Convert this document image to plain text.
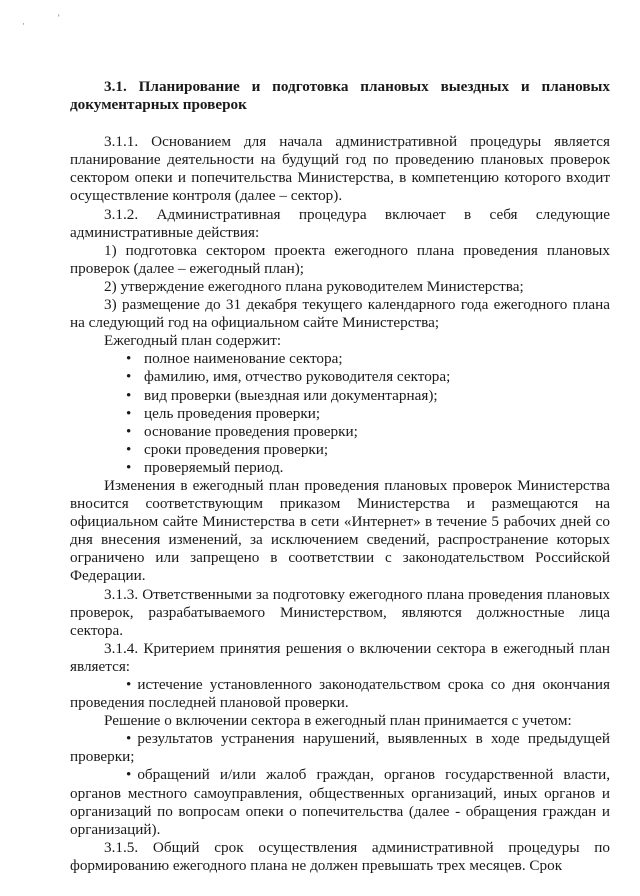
·
'
3.1. Планирование и подготовка плановых выездных и плановых документарных проверок

3.1.1. Основанием для начала административной процедуры является планирование деятельности на будущий год по проведению плановых проверок сектором опеки и попечительства Министерства, в компетенцию которого входит осуществление контроля (далее – сектор).

3.1.2. Административная процедура включает в себя следующие административные действия:

1) подготовка сектором проекта ежегодного плана проведения плановых проверок (далее – ежегодный план);

2) утверждение ежегодного плана руководителем Министерства;

3) размещение до 31 декабря текущего календарного года ежегодного плана на следующий год на официальном сайте Министерства;

Ежегодный план содержит:

• полное наименование сектора;
• фамилию, имя, отчество руководителя сектора;
• вид проверки (выездная или документарная);
• цель проведения проверки;
• основание проведения проверки;
• сроки проведения проверки;
• проверяемый период.

Изменения в ежегодный план проведения плановых проверок Министерства вносится соответствующим приказом Министерства и размещаются на официальном сайте Министерства в сети «Интернет» в течение 5 рабочих дней со дня внесения изменений, за исключением сведений, распространение которых ограничено или запрещено в соответствии с законодательством Российской Федерации.

3.1.3. Ответственными за подготовку ежегодного плана проведения плановых проверок, разрабатываемого Министерством, являются должностные лица сектора.

3.1.4. Критерием принятия решения о включении сектора в ежегодный план является:

• истечение установленного законодательством срока со дня окончания проведения последней плановой проверки.

Решение о включении сектора в ежегодный план принимается с учетом:

• результатов устранения нарушений, выявленных в ходе предыдущей проверки;

• обращений и/или жалоб граждан, органов государственной власти, органов местного самоуправления, общественных организаций, иных органов и организаций по вопросам опеки о попечительства (далее - обращения граждан и организаций).

3.1.5. Общий срок осуществления административной процедуры по формированию ежегодного плана не должен превышать трех месяцев. Срок
